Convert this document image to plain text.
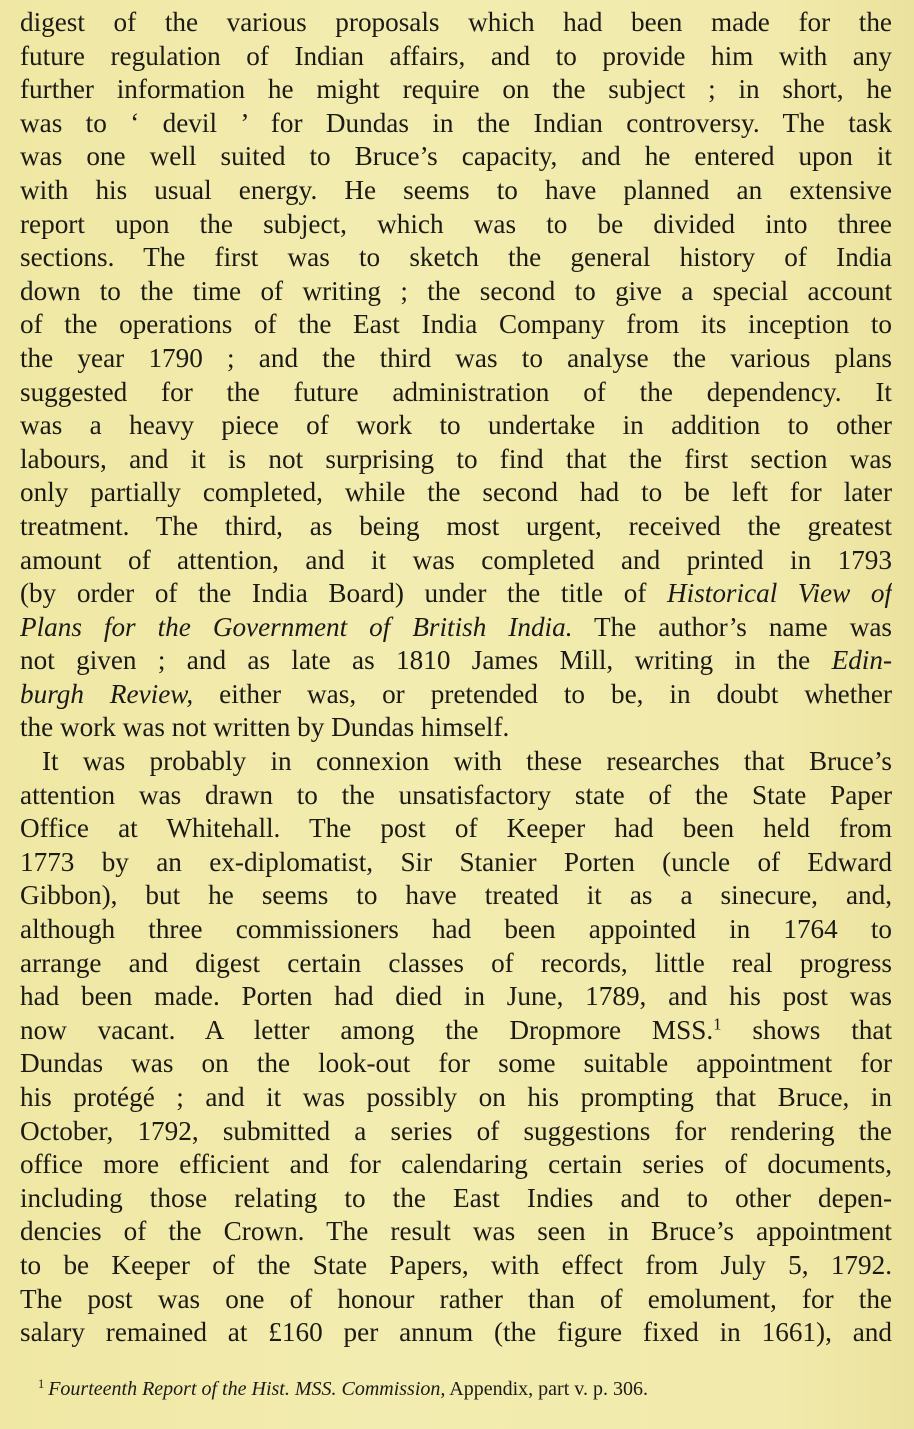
digest of the various proposals which had been made for the
future regulation of Indian affairs, and to provide him with any
further information he might require on the subject ; in short, he
was to ‘ devil ’ for Dundas in the Indian controversy. The task
was one well suited to Bruce’s capacity, and he entered upon it
with his usual energy. He seems to have planned an extensive
report upon the subject, which was to be divided into three
sections. The first was to sketch the general history of India
down to the time of writing ; the second to give a special account
of the operations of the East India Company from its inception to
the year 1790 ; and the third was to analyse the various plans
suggested for the future administration of the dependency. It
was a heavy piece of work to undertake in addition to other
labours, and it is not surprising to find that the first section was
only partially completed, while the second had to be left for later
treatment. The third, as being most urgent, received the greatest
amount of attention, and it was completed and printed in 1793
(by order of the India Board) under the title of Historical View of
Plans for the Government of British India. The author’s name was
not given ; and as late as 1810 James Mill, writing in the Edin-
burgh Review, either was, or pretended to be, in doubt whether
the work was not written by Dundas himself.
It was probably in connexion with these researches that Bruce’s
attention was drawn to the unsatisfactory state of the State Paper
Office at Whitehall. The post of Keeper had been held from
1773 by an ex-diplomatist, Sir Stanier Porten (uncle of Edward
Gibbon), but he seems to have treated it as a sinecure, and,
although three commissioners had been appointed in 1764 to
arrange and digest certain classes of records, little real progress
had been made. Porten had died in June, 1789, and his post was
now vacant. A letter among the Dropmore MSS.$^1$ shows that
Dundas was on the look-out for some suitable appointment for
his protégé ; and it was possibly on his prompting that Bruce, in
October, 1792, submitted a series of suggestions for rendering the
office more efficient and for calendaring certain series of documents,
including those relating to the East Indies and to other depen-
dencies of the Crown. The result was seen in Bruce’s appointment
to be Keeper of the State Papers, with effect from July 5, 1792.
The post was one of honour rather than of emolument, for the
salary remained at £160 per annum (the figure fixed in 1661), and
$^1$ Fourteenth Report of the Hist. MSS. Commission, Appendix, part v. p. 306.
